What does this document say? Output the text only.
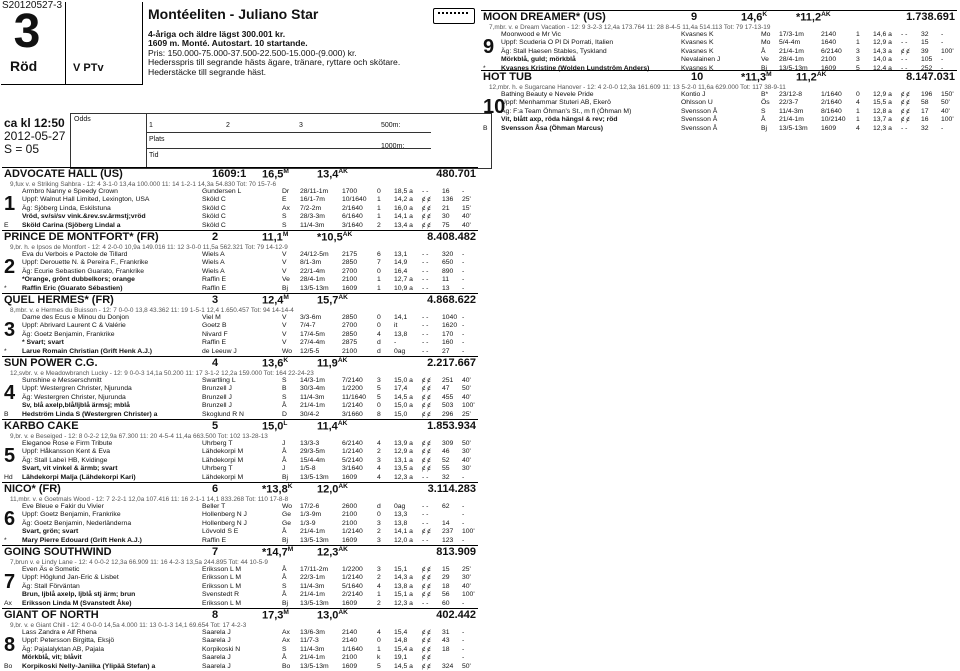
S20120527-3
3
Röd	V PTv
Montéeliten - Juliano Star
4-åriga och äldre lägst 300.001 kr.
1609 m. Monté. Autostart. 10 startande.
Pris: 150.000-75.000-37.500-22.500-15.000-(9.000) kr.
Hedersspris till segrande hästs ägare, tränare, ryttare och skötare.
Hederstäcke till segrande häst.
ca kl 12:50
2012-05-27
S = 05
Odds
1	2	3	500m:
Plats
Tid
1000m:
ADVOCATE HALL (US)	1609:1 $16,5^M$	$13,4^{AK}$	480.701
9,fux v. e Striking Sahbra - 12: 4 3-1-0 13,4a 100.000 11: 14 1-2-1 14,3a 54.830 Tot: 70 15-7-6
1
Armbro Nanny e Speedy Crown	Gundersen L	Dr 28/11-1m 1700	0 18,5 a - - 16 -
Uppf: Walnut Hall Limited, Lexington, USA	Sköld C	E 16/1-7m	10/1640 1 14,2 a ȼ ȼ 136 25'
Äg: Sjöberg Linda, Eskilstuna	Sköld C	Ax 7/2-2m	2/1640 1 16,0 a ȼ ȼ 21 15'
Vröd, sv/si/sv vink.&rev.sv.ärmstj;vröd	Sköld C	S 28/3-3m	6/1640 1 14,1 a ȼ ȼ 30 40'
Sköld Carina (Sjöberg Lindal a	Sköld C	S 11/4-3m	3/1640 2 13,4 a ȼ ȼ 75 40'
E
PRINCE DE MONTFORT* (FR)	2	$11,1^M$	$*10,5^{AK}$	8.408.482
9,br. h. e Ipsos de Montfort - 12: 4 2-0-0 10,9a 149.016 11: 12 3-0-0 11,5a 562.321 Tot: 79 14-12-9
2
Eva du Verbois e Pactole de Tillard	Wiels A	V 24/12-5m 2175	6 13,1 - - 320 -
Uppf: Derouette N. & Pereira F., Frankrike	Wiels A	V 8/1-3m	2850	7 14,9 - - 650 -
Äg: Ecurie Sebastien Guarato, Frankrike	Wiels A	V 22/1-4m	2700	0 16,4 - - 890 -
*Orange, grönt dubbelkors; orange	Raffin E	Ve 28/4-1m	2100	1 12,7 a - - 11 -
Raffin Eric (Guarato Sébastien)	Raffin E	Bj 13/5-13m 1609	1 10,9 a - - 13 -
*
QUEL HERMES* (FR)	3	$12,4^M$	$15,7^{AK}$	4.868.622
8,mbr. v. e Hermes du Buisson - 12: 7 0-0-0 13,8 43.362 11: 19 1-5-1 12,4 1.650.457 Tot: 94 14-14-4
3
Dame des Ecus e Minou du Donjon	Viel M	V 3/3-6m	2850	0 14,1 - - 1040 -
Uppf: Abrivard Laurent C & Valérie	Goetz B	V 7/4-7	2700	0 it	- - 1620 -
Äg: Goetz Benjamin, Frankrike	Nivard F	V 17/4-5m	2850	4 13,8 - - 170 -
* Svart; svart	Raffin E	V 27/4-4m	2875	d -	- - 160 -
Larue Romain Christian (Grift Henk A.J.)	de Leeuw J	Wo 12/5-5	2100	d 0ag - - 27 -
*
SUN POWER C.G.	4	$13,6^K$	$11,9^{AK}$	2.217.667
12,svbr. v. e Meadowbranch Lucky - 12: 9 0-0-3 14,1a 50.200 11: 17 3-1-2 12,2a 159.000 Tot: 164 22-24-23
4
Sunshine e Messerschmitt	Swartling L	S 14/3-1m	7/2140 3 15,0 a ȼ ȼ 251 40'
Uppf: Westergren Christer, Njurunda	Brunzell J	B 30/3-4m	1/2200 5 17,4 ȼ ȼ 47 50'
Äg: Westergren Christer, Njurunda	Brunzell J	S 11/4-3m	11/1640 5 14,5 a ȼ ȼ 455 40'
Sv, blå axelp,blå/ljblå ärmsj; mblå	Brunzell J	Å 21/4-1m	1/2140 0 15,0 a ȼ ȼ 503 100'
Hedström Linda S (Westergren Christer) a	Skoglund R N	D 30/4-2	3/1660 8 15,0 ȼ ȼ 296 25'
B
KARBO CAKE	5	$15,0^L$	$11,4^{AK}$	1.853.934
9,br. v. e Beseiged - 12: 8 0-2-2 12,9a 67.300 11: 20 4-5-4 11,4a 663.500 Tot: 102 13-28-13
5
Eleganoe Rose e Firm Tribute	Uhrberg T	J 13/3-3	6/2140 4 13,9 a ȼ ȼ 309 50'
Uppf: Håkansson Kent & Eva	Lähdekorpi M	Å 29/3-5m	1/2140 2 12,9 a ȼ ȼ 46 30'
Äg: Stall Labeì HB, Kvidinge	Lähdekorpi M	Å 15/4-4m	5/2140 3 13,1 a ȼ ȼ 52 40'
Svart, vit vinkel & ärmb; svart	Uhrberg T	J 1/5-8	3/1640 4 13,5 a ȼ ȼ 55 30'
Lähdekorpi Malja (Lähdekorpi Kari)	Lähdekorpi M	Bj 13/5-13m 1609	4 12,3 a - - 32 -
Hd
NICO* (FR)	6	$*13,8^K$ $12,0^{AK}$	3.114.283
11,mbr. v. e Goetmals Wood - 12: 7 2-2-1 12,0a 107.416 11: 16 2-1-1 14,1 833.268 Tot: 110 17-8-8
6
Eve Bleue e Fakir du Vivier	Beller T	Wo 17/2-6	2600	d 0ag - - 62 -
Uppf: Goetz Benjamin, Frankrike	Hollenberg N J	Ge 1/3-9m	2100	0 13,3 - -	-
Äg: Goetz Benjamin, Nederländerna	Hollenberg N J	Ge 1/3-9	2100	3 13,8 - - 14 -
Svart, grön; svart	Lövvold S E	Å 21/4-1m	1/2140 2 14,1 a ȼ ȼ 237 100'
Mary Pierre Edouard (Grift Henk A.J.)	Raffin E	Bj 13/5-13m 1609	3 12,0 a - - 123 -
*
GOING SOUTHWIND	7	$*14,7^M$ $12,3^{AK}$	813.909
7,brun v. e Lindy Lane - 12: 4 0-0-2 12,3a 66.909 11: 16 4-2-3 13,5a 244.895 Tot: 44 10-5-9
7
Even Äs e Sometic	Eriksson L M	Å 17/11-2m 1/2200 3 15,1 ȼ ȼ 15 25'
Uppf: Höglund Jan-Eric & Lisbet	Eriksson L M	Å 22/3-1m	1/2140 2 14,3 a ȼ ȼ 29 30'
Äg: Stall Förväntan	Eriksson L M	S 11/4-3m	5/1640 4 13,8 a ȼ ȼ 18 40'
Brun, ljblå axelp, ljblå stj ärm; brun	Svenstedt R	Å 21/4-1m	2/2140 1 15,1 a ȼ ȼ 56 100'
Eriksson Linda M (Svanstedt Åke)	Eriksson L M	Bj 13/5-13m 1609	2 12,3 a - - 60 -
Ax
GIANT OF NORTH	8	$17,3^M$	$13,0^{AK}$	402.442
9,br. v. e Giant Chill - 12: 4 0-0-0 14,5a 4.000 11: 13 0-1-3 14,1 69.654 Tot: 17 4-2-3
8
Lass Zandra e Alf Rhena	Saarela J	Ax 13/6-3m	2140	4 15,4 ȼ ȼ 31 -
Uppf: Petersson Birgitta, Eksjö	Saarela J	Ax 11/7-3	2140	0 14,8 ȼ ȼ 43 -
Äg: Pajalalyktan AB, Pajala	Korpikoski N	S 11/4-3m	1/1640 1 15,4 a ȼ ȼ 18 -
Mörkblå, vit; blåvit	Saarela J	Å 21/4-1m	2100	k 19,1 ȼ ȼ	-
Korpikoski Nelly-Janiika (Ylipää Stefan) a	Saarela J	Bo 13/5-13m 1609	5 14,5 a ȼ ȼ 324 50'
Bo
MOON DREAMER* (US)	9	$14,6^K$	$*11,2^{AK}$	1.738.691
7,mbr. v. e Dream Vacation - 12: 9 3-2-3 12,4a 173.764 11: 28 8-4-5 11,4a 514.113 Tot: 79 17-13-19
9
Moonwood e Mr Vic	Kvasnes K	Mo 17/3-1m	2140	1 14,6 a - - 32 -
Uppf: Scuderia O Pl Di Porrati, Italien	Kvasnes K	Mo 5/4-4m	1640	1 12,9 a - - 15 -
Äg: Stall Haesen Stables, Tyskland	Kvasnes K	Å 21/4-1m	6/2140 3 14,3 a ȼ ȼ 39 100'
Mörkblå, guld; mörkblå	Nevalainen J	Ve 28/4-1m	2100	3 14,0 a - - 105 -
Kvasnes Kristine (Wolden Lundström Anders)	Kvasnes K	Bj 13/5-13m 1609	5 12,4 a - - 252 -
*
HOT TUB	10	$*11,3^M$ $11,2^{AK}$	8.147.031
12,mbr. h. e Sugarcane Hanover - 12: 4 2-0-0 12,3a 161.609 11: 13 5-2-0 11,6a 629.000 Tot: 117 38-9-11
10
Bathing Beauty e Nevele Pride	Kontio J	B* 23/12-8	1/1640 0 12,9 a ȼ ȼ 196 150'
Uppf: Menhammar Stuteri AB, Ekerö	Ohlsson U	Ös 22/3-7	2/1640 4 15,5 a ȼ ȼ 58 50'
Äg: F:a Team Öhman's St., m fl (Öhman M)	Svensson Å	S 11/4-3m	8/1640 1 12,8 a ȼ ȼ 17 40'
Vit, blått axp, röda hängsl & rev; röd	Svensson Å	Å 21/4-1m	10/2140 1 13,7 a ȼ ȼ 16 100'
Svensson Åsa (Öhman Marcus)	Svensson Å	Bj 13/5-13m 1609	4 12,3 a - - 32 -
B
